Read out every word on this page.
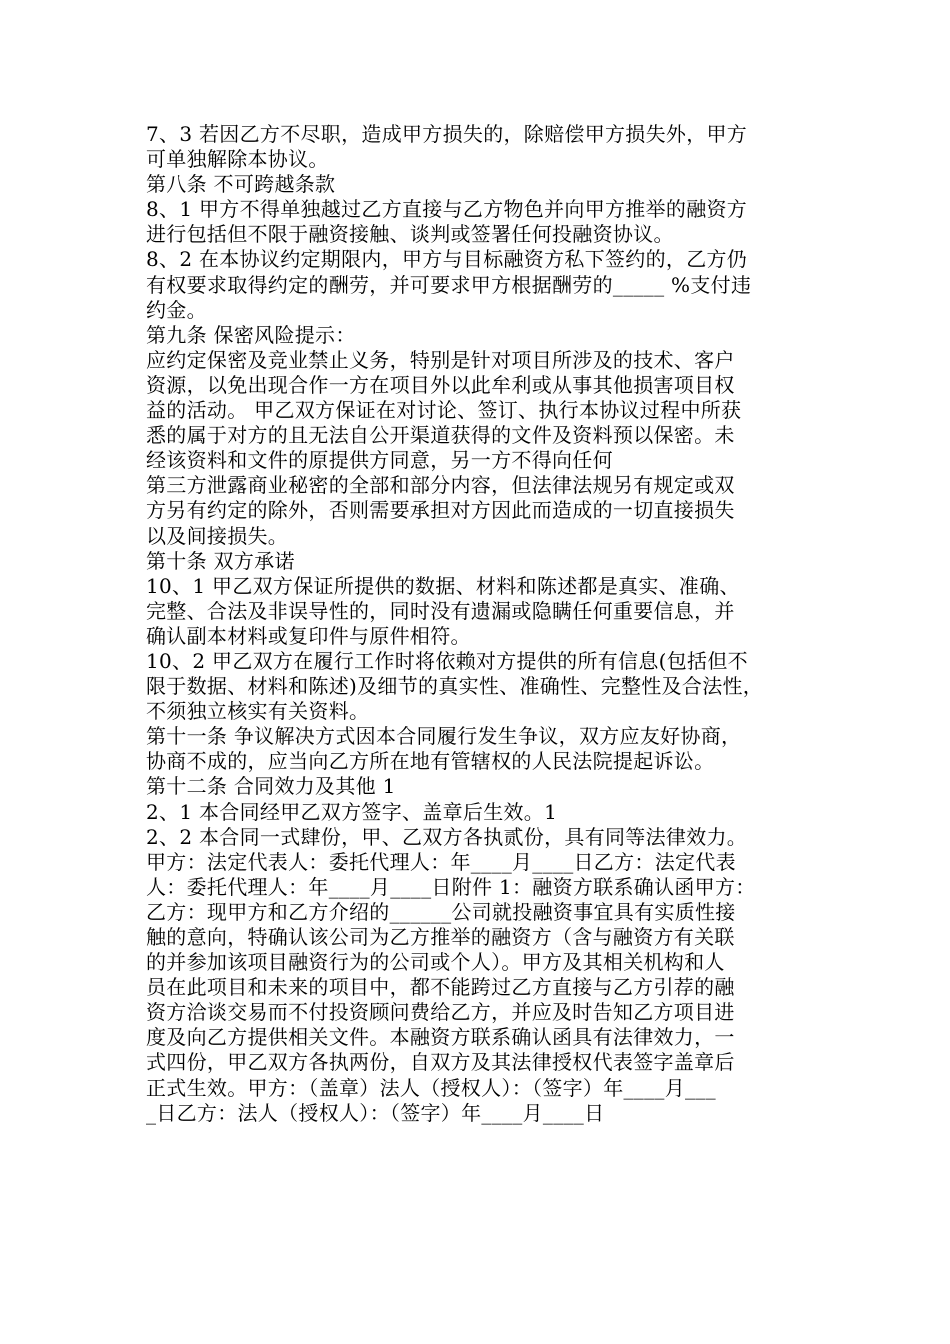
7、3 若因乙方不尽职，造成甲方损失的，除赔偿甲方损失外，甲方
可单独解除本协议。
第八条 不可跨越条款
8、1 甲方不得单独越过乙方直接与乙方物色并向甲方推举的融资方
进行包括但不限于融资接触、谈判或签署任何投融资协议。
8、2 在本协议约定期限内，甲方与目标融资方私下签约的，乙方仍
有权要求取得约定的酬劳，并可要求甲方根据酬劳的_____ %支付违
约金。
第九条 保密风险提示：
应约定保密及竞业禁止义务，特别是针对项目所涉及的技术、客户
资源，以免出现合作一方在项目外以此牟利或从事其他损害项目权
益的活动。 甲乙双方保证在对讨论、签订、执行本协议过程中所获
悉的属于对方的且无法自公开渠道获得的文件及资料预以保密。未
经该资料和文件的原提供方同意，另一方不得向任何
第三方泄露商业秘密的全部和部分内容，但法律法规另有规定或双
方另有约定的除外，否则需要承担对方因此而造成的一切直接损失
以及间接损失。
第十条 双方承诺
10、1 甲乙双方保证所提供的数据、材料和陈述都是真实、准确、
完整、合法及非误导性的，同时没有遗漏或隐瞒任何重要信息，并
确认副本材料或复印件与原件相符。
10、2 甲乙双方在履行工作时将依赖对方提供的所有信息(包括但不
限于数据、材料和陈述)及细节的真实性、准确性、完整性及合法性，
不须独立核实有关资料。
第十一条 争议解决方式因本合同履行发生争议，双方应友好协商，
协商不成的，应当向乙方所在地有管辖权的人民法院提起诉讼。
第十二条 合同效力及其他 1
2、1 本合同经甲乙双方签字、盖章后生效。1
2、2 本合同一式肆份，甲、乙双方各执贰份，具有同等法律效力。
甲方：法定代表人：委托代理人：年____月____日乙方：法定代表
人：委托代理人：年____月____日附件 1：融资方联系确认函甲方：
乙方：现甲方和乙方介绍的______公司就投融资事宜具有实质性接
触的意向，特确认该公司为乙方推举的融资方（含与融资方有关联
的并参加该项目融资行为的公司或个人）。甲方及其相关机构和人
员在此项目和未来的项目中，都不能跨过乙方直接与乙方引荐的融
资方洽谈交易而不付投资顾问费给乙方，并应及时告知乙方项目进
度及向乙方提供相关文件。本融资方联系确认函具有法律效力，一
式四份，甲乙双方各执两份，自双方及其法律授权代表签字盖章后
正式生效。甲方：（盖章）法人（授权人）：（签字）年____月___
_日乙方：法人（授权人）：（签字）年____月____日
